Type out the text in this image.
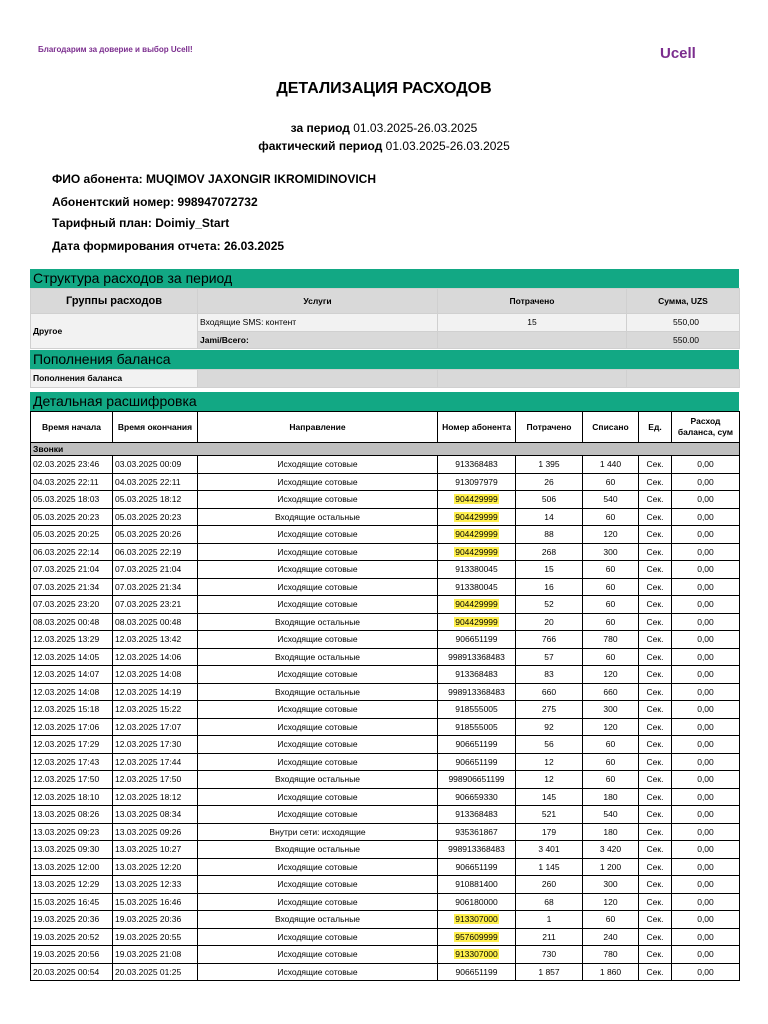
Благодарим за доверие и выбор Ucell!	Ucell
ДЕТАЛИЗАЦИЯ РАСХОДОВ
за период 01.03.2025-26.03.2025
фактический период 01.03.2025-26.03.2025
ФИО абонента: MUQIMOV JAXONGIR IKROMIDINOVICH
Абонентский номер: 998947072732
Тарифный план: Doimiy_Start
Дата формирования отчета: 26.03.2025
Структура расходов за период
Группы расходов	Услуги	Потрачено	Сумма, UZS
Другое	Входящие SMS: контент	15	550,00
	Jami/Всего:		550.00
Пополнения баланса
Пополнения баланса			
Детальная расшифровка
Время начала	Время окончания	Направление	Номер абонента	Потрачено	Списано	Ед.	Расход баланса, сум
Звонки							
02.03.2025 23:46	03.03.2025 00:09	Исходящие сотовые	913368483	1 395	1 440	Сек.	0,00
04.03.2025 22:11	04.03.2025 22:11	Исходящие сотовые	913097979	26	60	Сек.	0,00
05.03.2025 18:03	05.03.2025 18:12	Исходящие сотовые	904429999	506	540	Сек.	0,00
05.03.2025 20:23	05.03.2025 20:23	Входящие остальные	904429999	14	60	Сек.	0,00
05.03.2025 20:25	05.03.2025 20:26	Исходящие сотовые	904429999	88	120	Сек.	0,00
06.03.2025 22:14	06.03.2025 22:19	Исходящие сотовые	904429999	268	300	Сек.	0,00
07.03.2025 21:04	07.03.2025 21:04	Исходящие сотовые	913380045	15	60	Сек.	0,00
07.03.2025 21:34	07.03.2025 21:34	Исходящие сотовые	913380045	16	60	Сек.	0,00
07.03.2025 23:20	07.03.2025 23:21	Исходящие сотовые	904429999	52	60	Сек.	0,00
08.03.2025 00:48	08.03.2025 00:48	Входящие остальные	904429999	20	60	Сек.	0,00
12.03.2025 13:29	12.03.2025 13:42	Исходящие сотовые	906651199	766	780	Сек.	0,00
12.03.2025 14:05	12.03.2025 14:06	Входящие остальные	998913368483	57	60	Сек.	0,00
12.03.2025 14:07	12.03.2025 14:08	Исходящие сотовые	913368483	83	120	Сек.	0,00
12.03.2025 14:08	12.03.2025 14:19	Входящие остальные	998913368483	660	660	Сек.	0,00
12.03.2025 15:18	12.03.2025 15:22	Исходящие сотовые	918555005	275	300	Сек.	0,00
12.03.2025 17:06	12.03.2025 17:07	Исходящие сотовые	918555005	92	120	Сек.	0,00
12.03.2025 17:29	12.03.2025 17:30	Исходящие сотовые	906651199	56	60	Сек.	0,00
12.03.2025 17:43	12.03.2025 17:44	Исходящие сотовые	906651199	12	60	Сек.	0,00
12.03.2025 17:50	12.03.2025 17:50	Входящие остальные	998906651199	12	60	Сек.	0,00
12.03.2025 18:10	12.03.2025 18:12	Исходящие сотовые	906659330	145	180	Сек.	0,00
13.03.2025 08:26	13.03.2025 08:34	Исходящие сотовые	913368483	521	540	Сек.	0,00
13.03.2025 09:23	13.03.2025 09:26	Внутри сети: исходящие	935361867	179	180	Сек.	0,00
13.03.2025 09:30	13.03.2025 10:27	Входящие остальные	998913368483	3 401	3 420	Сек.	0,00
13.03.2025 12:00	13.03.2025 12:20	Исходящие сотовые	906651199	1 145	1 200	Сек.	0,00
13.03.2025 12:29	13.03.2025 12:33	Исходящие сотовые	910881400	260	300	Сек.	0,00
15.03.2025 16:45	15.03.2025 16:46	Исходящие сотовые	906180000	68	120	Сек.	0,00
19.03.2025 20:36	19.03.2025 20:36	Входящие остальные	913307000	1	60	Сек.	0,00
19.03.2025 20:52	19.03.2025 20:55	Исходящие сотовые	957609999	211	240	Сек.	0,00
19.03.2025 20:56	19.03.2025 21:08	Исходящие сотовые	913307000	730	780	Сек.	0,00
20.03.2025 00:54	20.03.2025 01:25	Исходящие сотовые	906651199	1 857	1 860	Сек.	0,00
